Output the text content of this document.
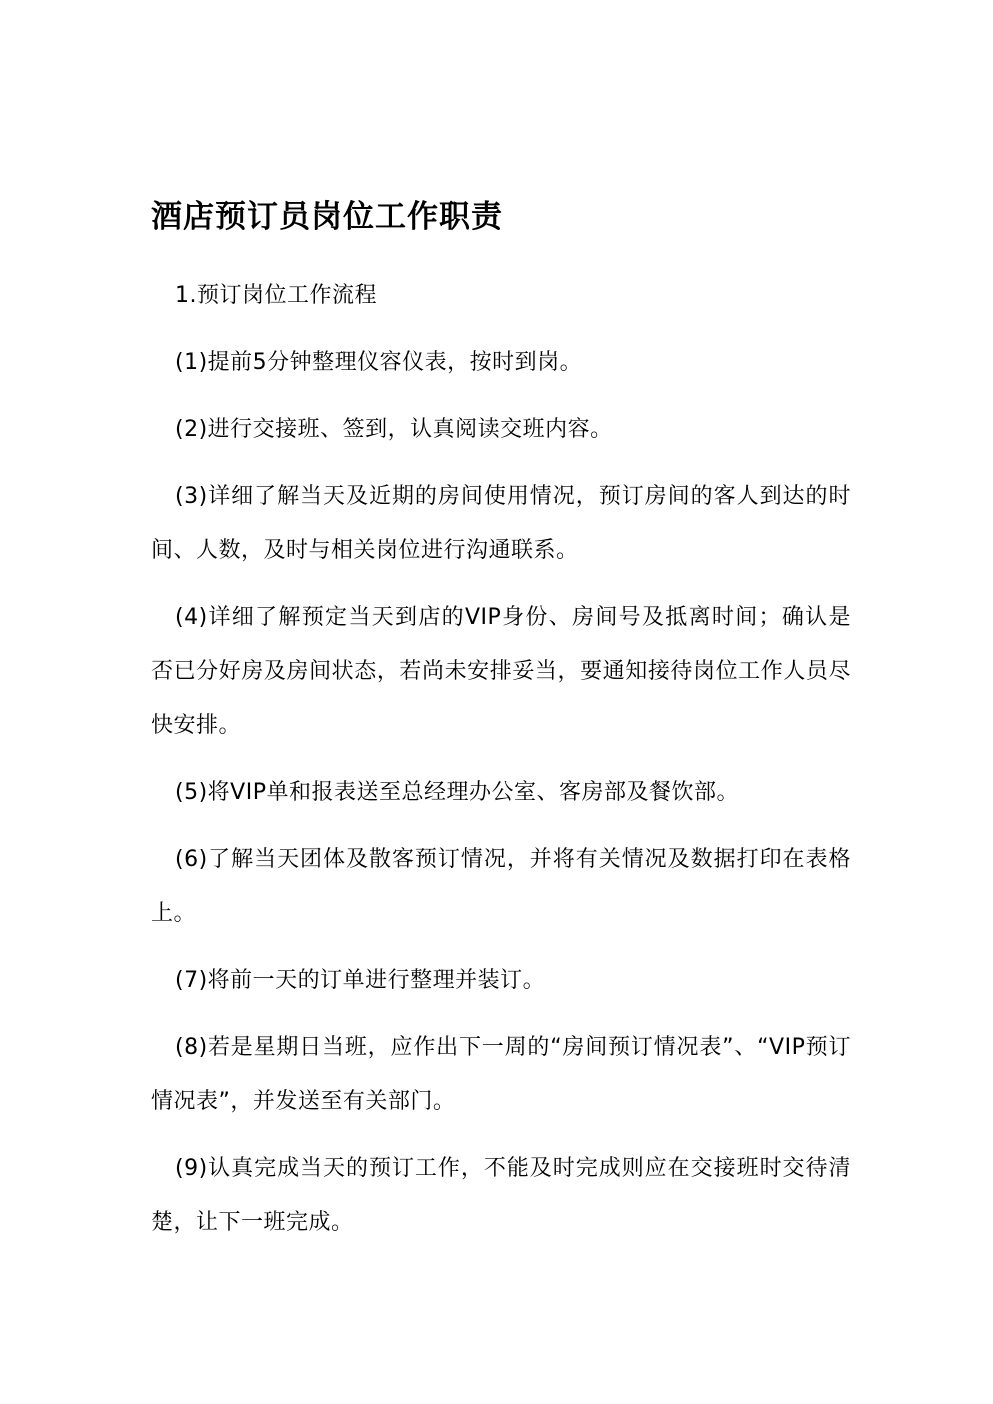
酒店预订员岗位工作职责

1.预订岗位工作流程

(1)提前5分钟整理仪容仪表，按时到岗。

(2)进行交接班、签到，认真阅读交班内容。

(3)详细了解当天及近期的房间使用情况，预订房间的客人到达的时间、人数，及时与相关岗位进行沟通联系。

(4)详细了解预定当天到店的VIP身份、房间号及抵离时间；确认是否已分好房及房间状态，若尚未安排妥当，要通知接待岗位工作人员尽快安排。

(5)将VIP单和报表送至总经理办公室、客房部及餐饮部。

(6)了解当天团体及散客预订情况，并将有关情况及数据打印在表格上。

(7)将前一天的订单进行整理并装订。

(8)若是星期日当班，应作出下一周的“房间预订情况表”、“VIP预订情况表”，并发送至有关部门。

(9)认真完成当天的预订工作，不能及时完成则应在交接班时交待清楚，让下一班完成。
